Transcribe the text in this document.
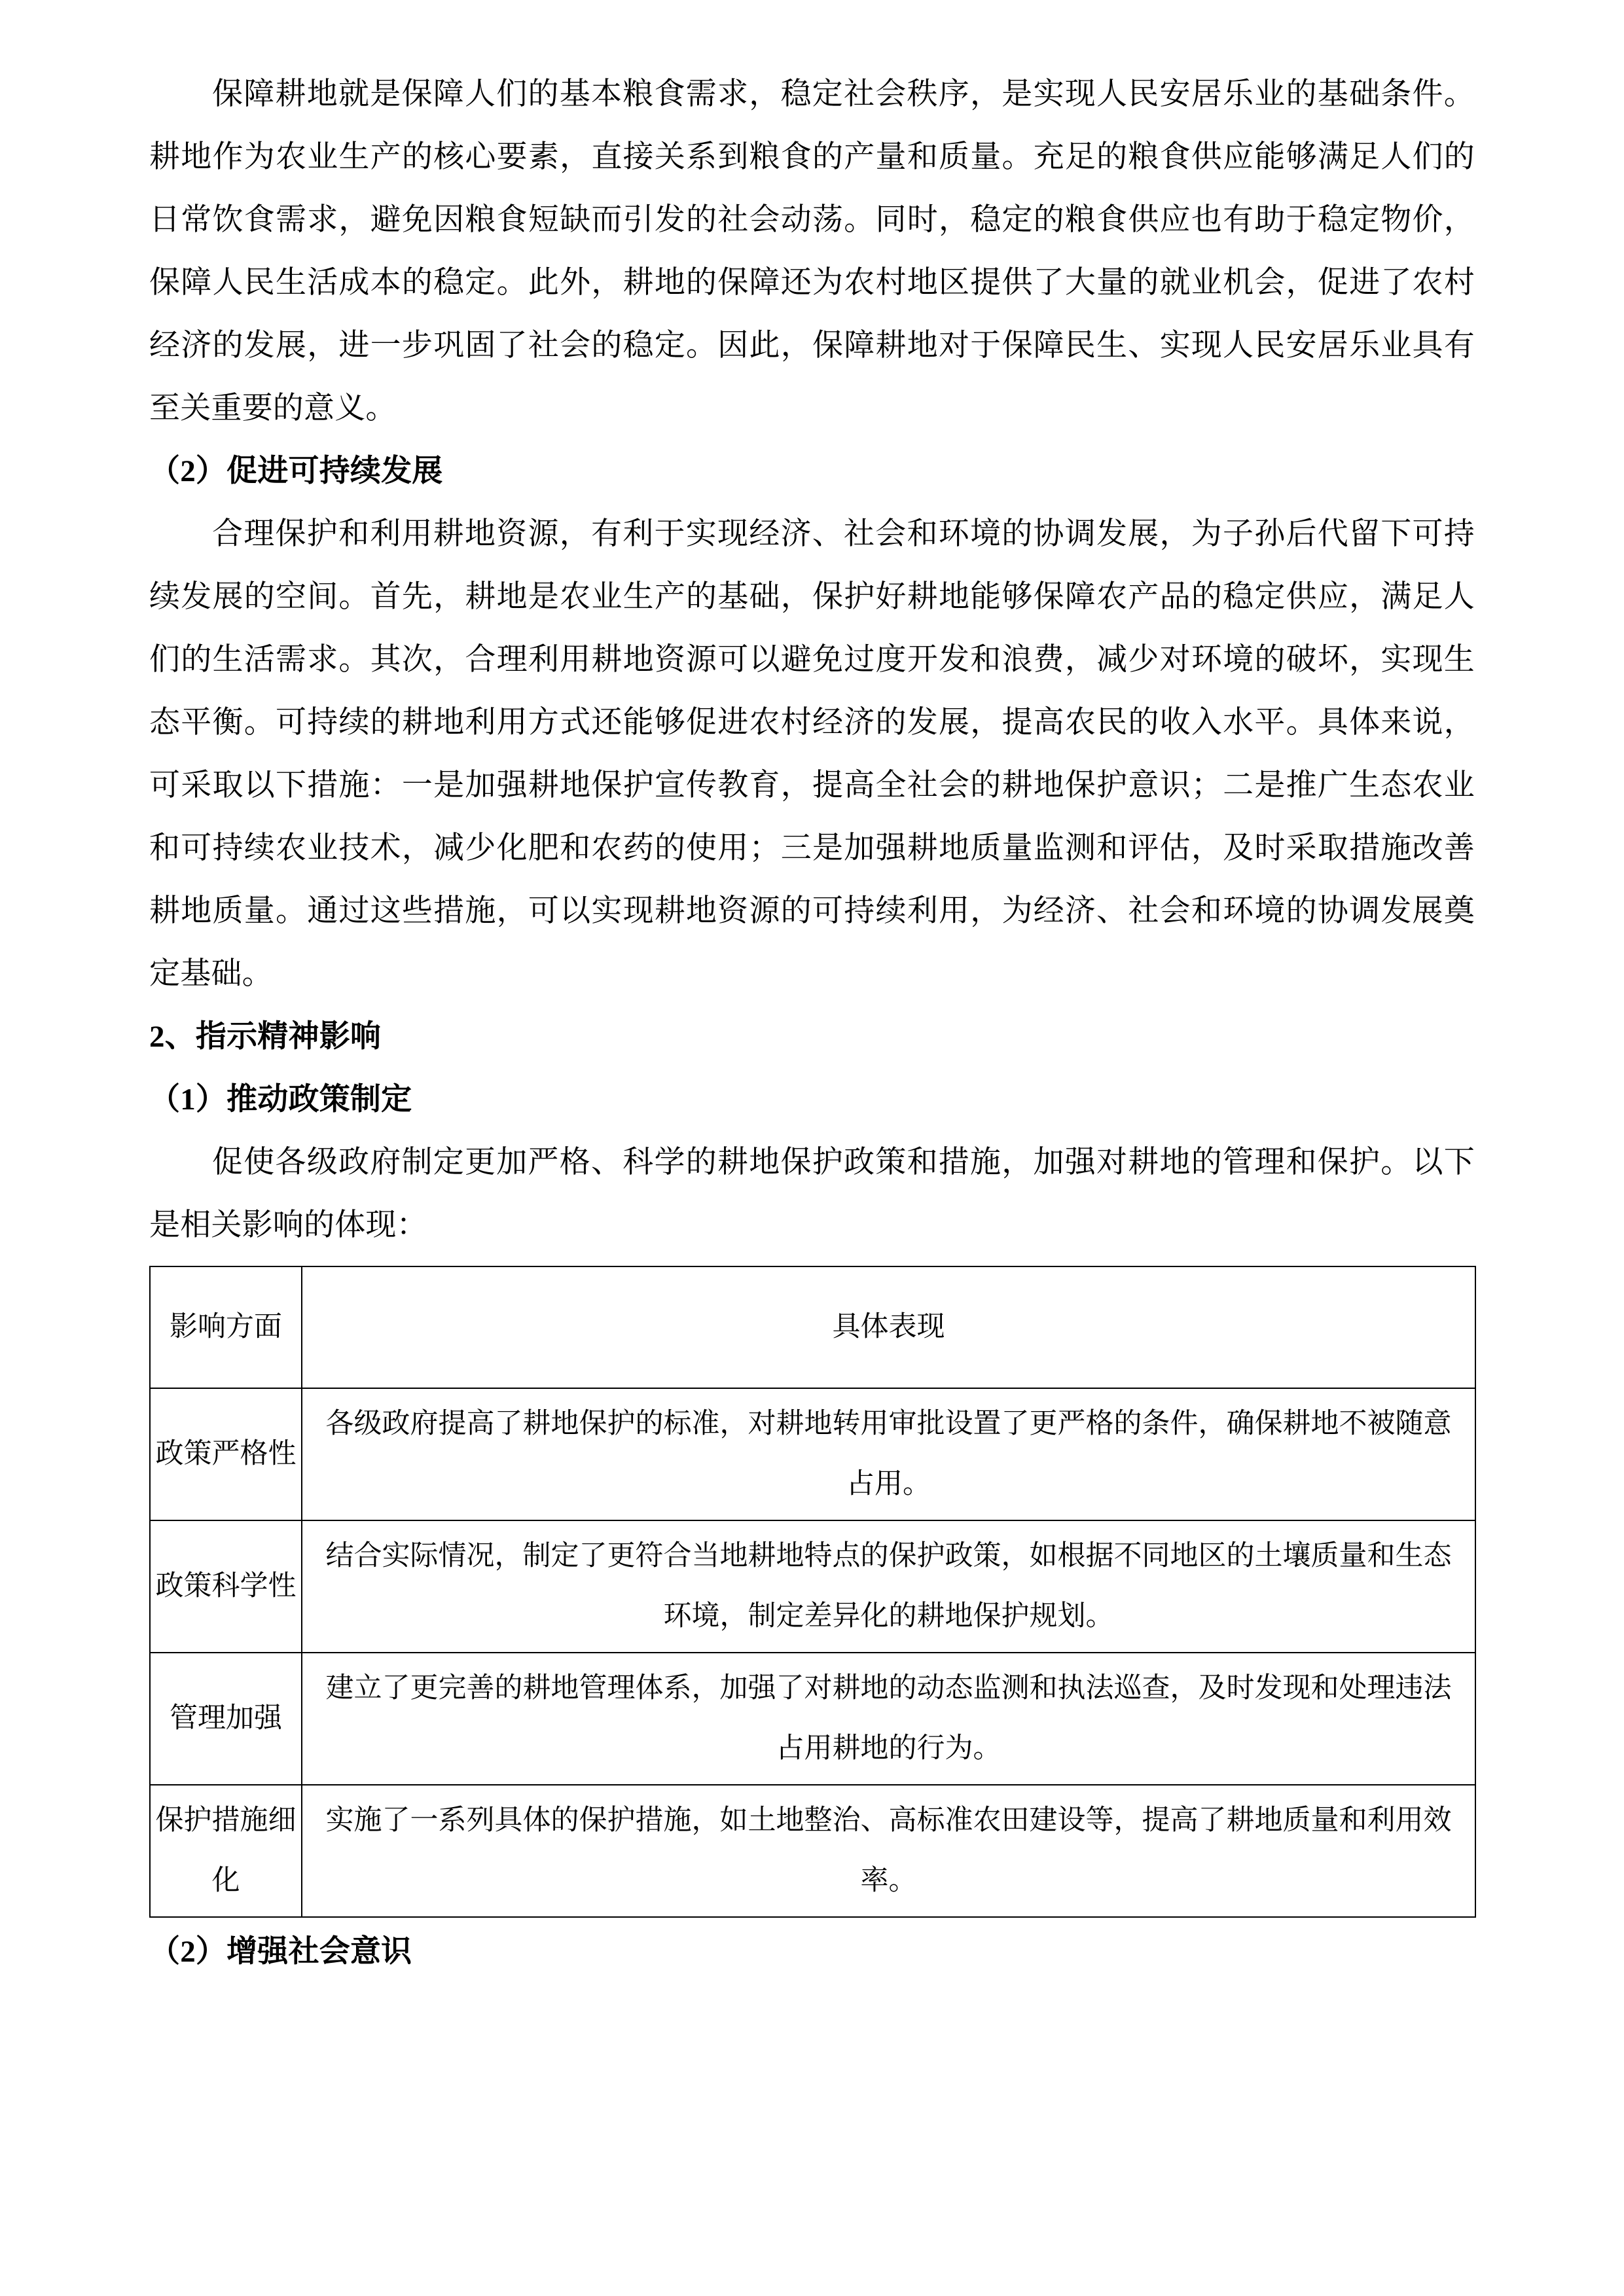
保障耕地就是保障人们的基本粮食需求，稳定社会秩序，是实现人民安居乐业的基础条件。耕地作为农业生产的核心要素，直接关系到粮食的产量和质量。充足的粮食供应能够满足人们的日常饮食需求，避免因粮食短缺而引发的社会动荡。同时，稳定的粮食供应也有助于稳定物价，保障人民生活成本的稳定。此外，耕地的保障还为农村地区提供了大量的就业机会，促进了农村经济的发展，进一步巩固了社会的稳定。因此，保障耕地对于保障民生、实现人民安居乐业具有至关重要的意义。

（2）促进可持续发展

合理保护和利用耕地资源，有利于实现经济、社会和环境的协调发展，为子孙后代留下可持续发展的空间。首先，耕地是农业生产的基础，保护好耕地能够保障农产品的稳定供应，满足人们的生活需求。其次，合理利用耕地资源可以避免过度开发和浪费，减少对环境的破坏，实现生态平衡。可持续的耕地利用方式还能够促进农村经济的发展，提高农民的收入水平。具体来说，可采取以下措施：一是加强耕地保护宣传教育，提高全社会的耕地保护意识；二是推广生态农业和可持续农业技术，减少化肥和农药的使用；三是加强耕地质量监测和评估，及时采取措施改善耕地质量。通过这些措施，可以实现耕地资源的可持续利用，为经济、社会和环境的协调发展奠定基础。

2、指示精神影响

（1）推动政策制定

促使各级政府制定更加严格、科学的耕地保护政策和措施，加强对耕地的管理和保护。以下是相关影响的体现：

影响方面	具体表现
政策严格性	各级政府提高了耕地保护的标准，对耕地转用审批设置了更严格的条件，确保耕地不被随意占用。
政策科学性	结合实际情况，制定了更符合当地耕地特点的保护政策，如根据不同地区的土壤质量和生态环境，制定差异化的耕地保护规划。
管理加强	建立了更完善的耕地管理体系，加强了对耕地的动态监测和执法巡查，及时发现和处理违法占用耕地的行为。
保护措施细化	实施了一系列具体的保护措施，如土地整治、高标准农田建设等，提高了耕地质量和利用效率。

（2）增强社会意识
